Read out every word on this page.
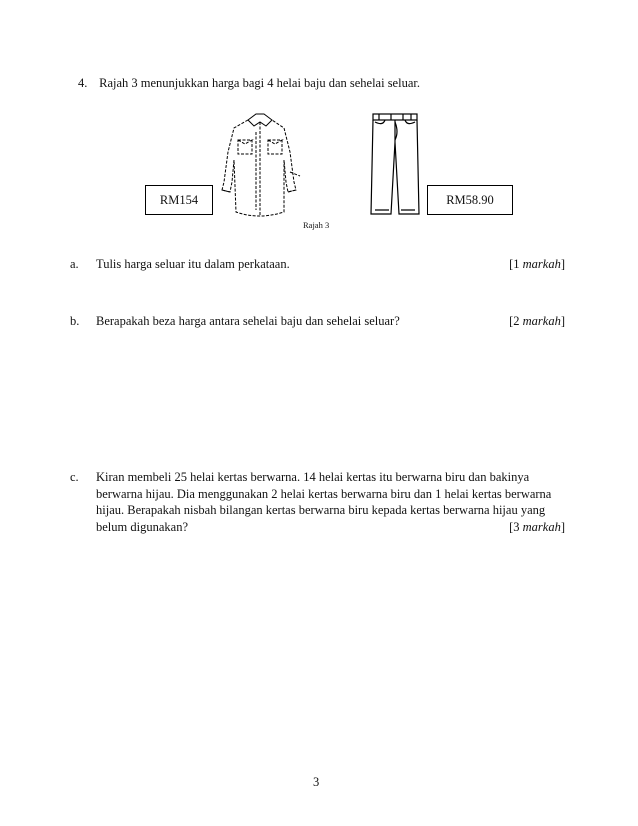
4. Rajah 3 menunjukkan harga bagi 4 helai baju dan sehelai seluar.
RM154	RM58.90
Rajah 3
a.	Tulis harga seluar itu dalam perkataan.	[1 markah]
b.	Berapakah beza harga antara sehelai baju dan sehelai seluar?	[2 markah]
c.	Kiran membeli 25 helai kertas berwarna. 14 helai kertas itu berwarna biru dan bakinya
berwarna hijau. Dia menggunakan 2 helai kertas berwarna biru dan 1 helai kertas berwarna
hijau. Berapakah nisbah bilangan kertas berwarna biru kepada kertas berwarna hijau yang
belum digunakan?	[3 markah]
3
